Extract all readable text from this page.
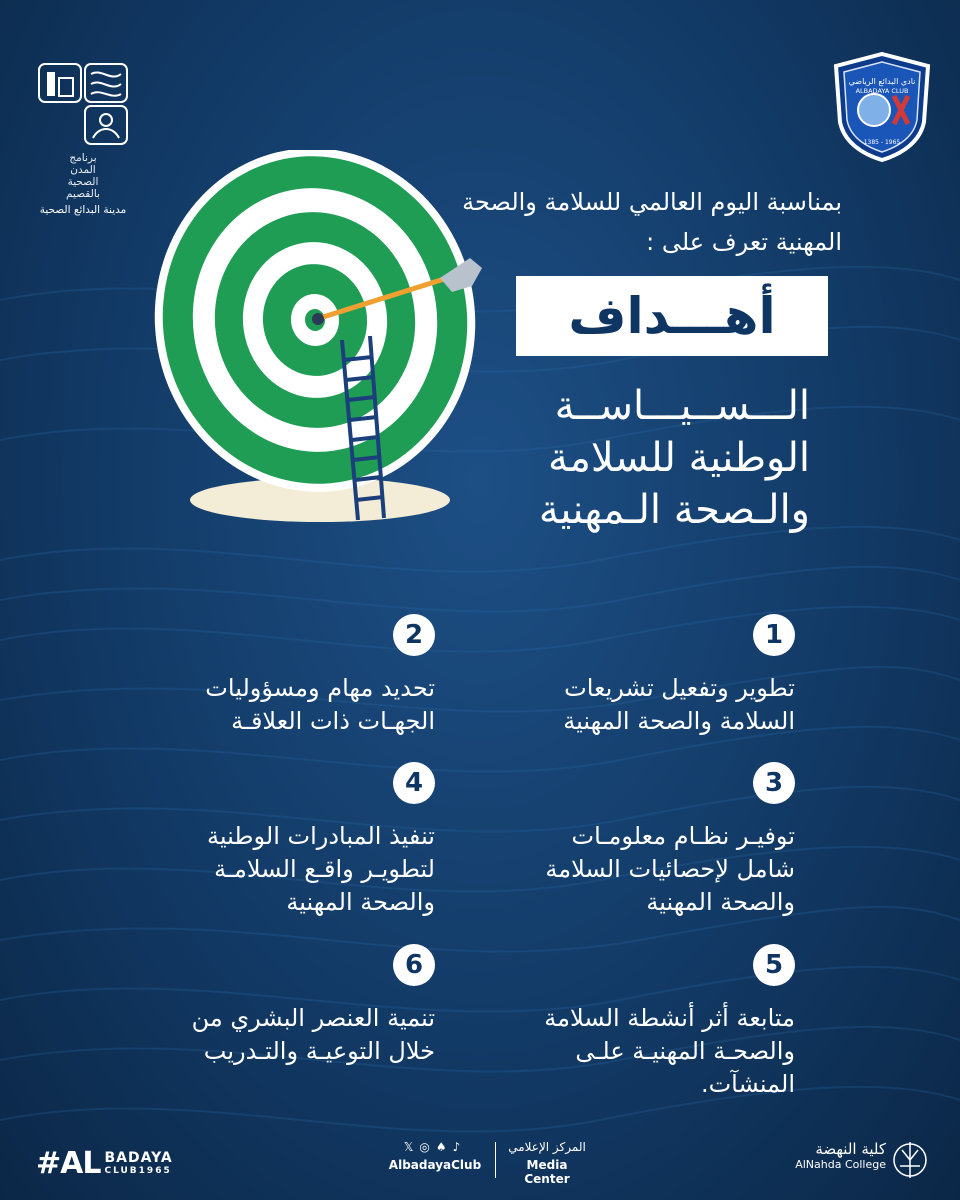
برنامج
المدن
الصحية
بالقصيم
مدينة البدائع الصحية
نادي البدائع الرياضي
ALBADAYA CLUB
1385 - 1965
بمناسبة اليوم العالمي للسلامة والصحة
المهنية تعرف على :
أهـــداف
الـــســيـــاســة
الوطنية للسلامة
والـصحة الـمهنية
1
تطوير وتفعيل تشريعات
السلامة والصحة المهنية
2
تحديد مهام ومسؤوليات
الجهـات ذات العلاقـة
3
توفيـر نظـام معلومـات
شامل لإحصائيات السلامة
والصحة المهنية
4
تنفيذ المبادرات الوطنية
لتطويـر واقـع السلامـة
والصحة المهنية
5
متابعة أثر أنشطة السلامة
والصحـة المهنيـة علـى
المنشآت.
6
تنمية العنصر البشري من
خلال التوعيـة والتـدريب
#AL BADAYA
CLUB1965
𝕏◎♠♪
AlbadayaClub
المركز الإعلامي
Media Center
كلية النهضة
AlNahda College
